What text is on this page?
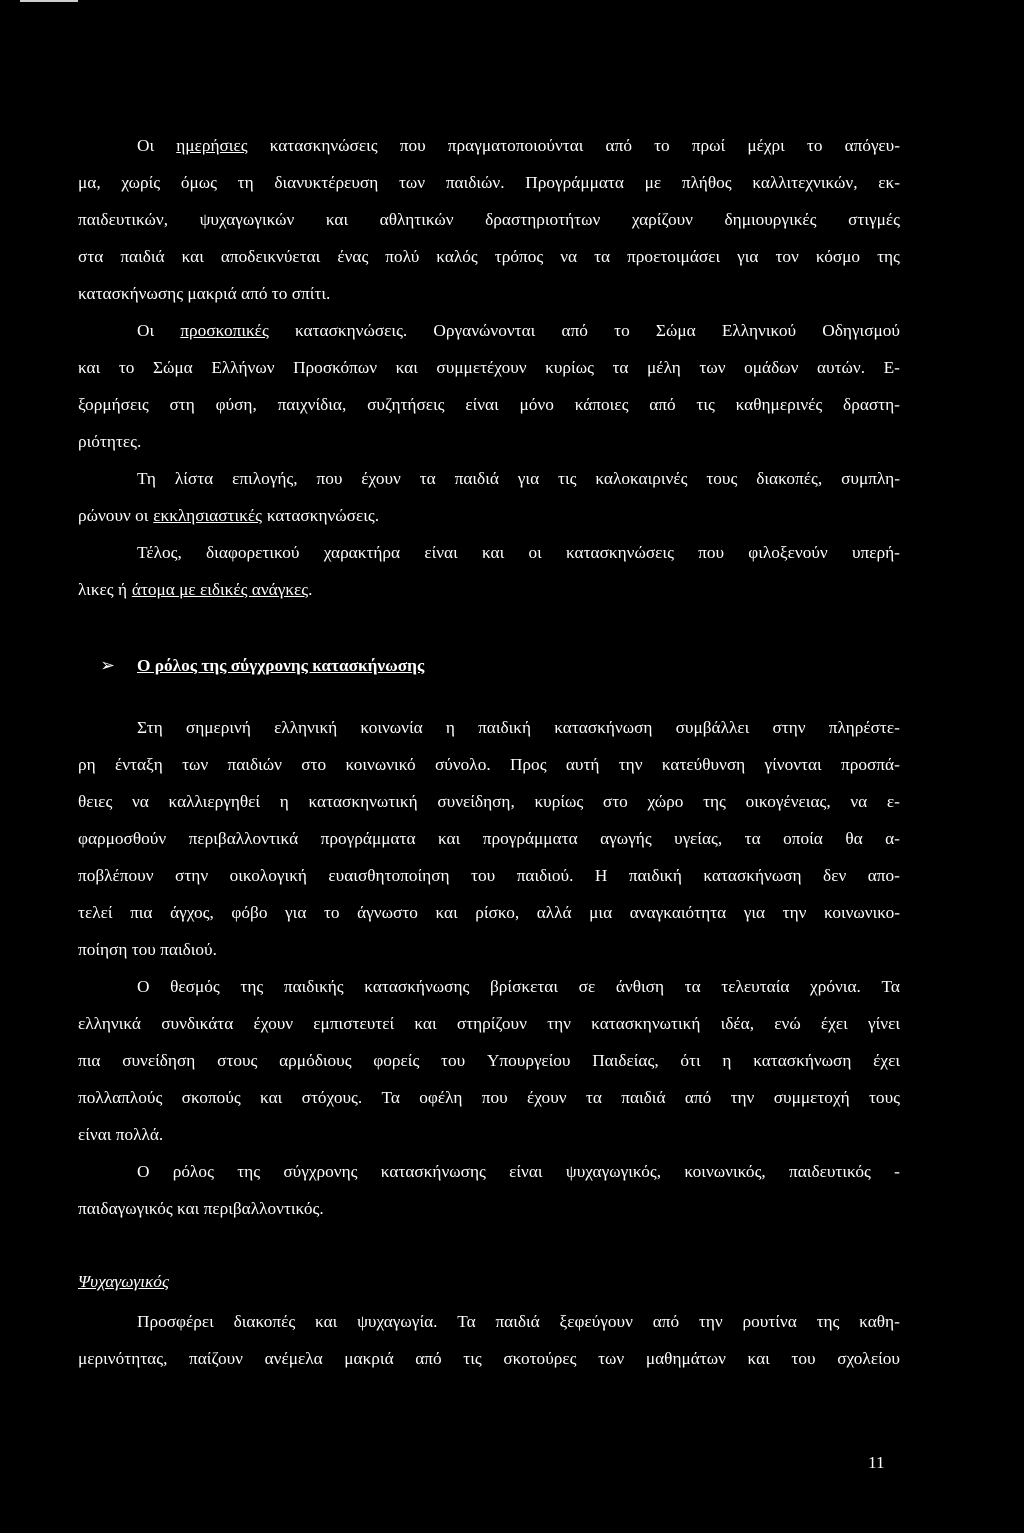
Οι ημερήσιες κατασκηνώσεις που πραγματοποιούνται από το πρωί μέχρι το απόγευ-
μα, χωρίς όμως τη διανυκτέρευση των παιδιών. Προγράμματα με πλήθος καλλιτεχνικών, εκ-
παιδευτικών, ψυχαγωγικών και αθλητικών δραστηριοτήτων χαρίζουν δημιουργικές στιγμές
στα παιδιά και αποδεικνύεται ένας πολύ καλός τρόπος να τα προετοιμάσει για τον κόσμο της
κατασκήνωσης μακριά από το σπίτι.
Οι προσκοπικές κατασκηνώσεις. Οργανώνονται από το Σώμα Ελληνικού Οδηγισμού
και το Σώμα Ελλήνων Προσκόπων και συμμετέχουν κυρίως τα μέλη των ομάδων αυτών. Ε-
ξορμήσεις στη φύση, παιχνίδια, συζητήσεις είναι μόνο κάποιες από τις καθημερινές δραστη-
ριότητες.
Τη λίστα επιλογής, που έχουν τα παιδιά για τις καλοκαιρινές τους διακοπές, συμπλη-
ρώνουν οι εκκλησιαστικές κατασκηνώσεις.
Τέλος, διαφορετικού χαρακτήρα είναι και οι κατασκηνώσεις που φιλοξενούν υπερή-
λικες ή άτομα με ειδικές ανάγκες .
➢	Ο ρόλος της σύγχρονης κατασκήνωσης
Στη σημερινή ελληνική κοινωνία η παιδική κατασκήνωση συμβάλλει στην πληρέστε-
ρη ένταξη των παιδιών στο κοινωνικό σύνολο. Προς αυτή την κατεύθυνση γίνονται προσπά-
θειες να καλλιεργηθεί η κατασκηνωτική συνείδηση, κυρίως στο χώρο της οικογένειας, να ε-
φαρμοσθούν περιβαλλοντικά προγράμματα και προγράμματα αγωγής υγείας, τα οποία θα α-
ποβλέπουν στην οικολογική ευαισθητοποίηση του παιδιού. Η παιδική κατασκήνωση δεν απο-
τελεί πια άγχος, φόβο για το άγνωστο και ρίσκο, αλλά μια αναγκαιότητα για την κοινωνικο-
ποίηση του παιδιού.
Ο θεσμός της παιδικής κατασκήνωσης βρίσκεται σε άνθιση τα τελευταία χρόνια. Τα
ελληνικά συνδικάτα έχουν εμπιστευτεί και στηρίζουν την κατασκηνωτική ιδέα, ενώ έχει γίνει
πια συνείδηση στους αρμόδιους φορείς του Υπουργείου Παιδείας, ότι η κατασκήνωση έχει
πολλαπλούς σκοπούς και στόχους. Τα οφέλη που έχουν τα παιδιά από την συμμετοχή τους
είναι πολλά.
Ο ρόλος της σύγχρονης κατασκήνωσης είναι ψυχαγωγικός, κοινωνικός, παιδευτικός -
παιδαγωγικός και περιβαλλοντικός.
Ψυχαγωγικός
Προσφέρει διακοπές και ψυχαγωγία. Τα παιδιά ξεφεύγουν από την ρουτίνα της καθη-
μερινότητας, παίζουν ανέμελα μακριά από τις σκοτούρες των μαθημάτων και του σχολείου
11
